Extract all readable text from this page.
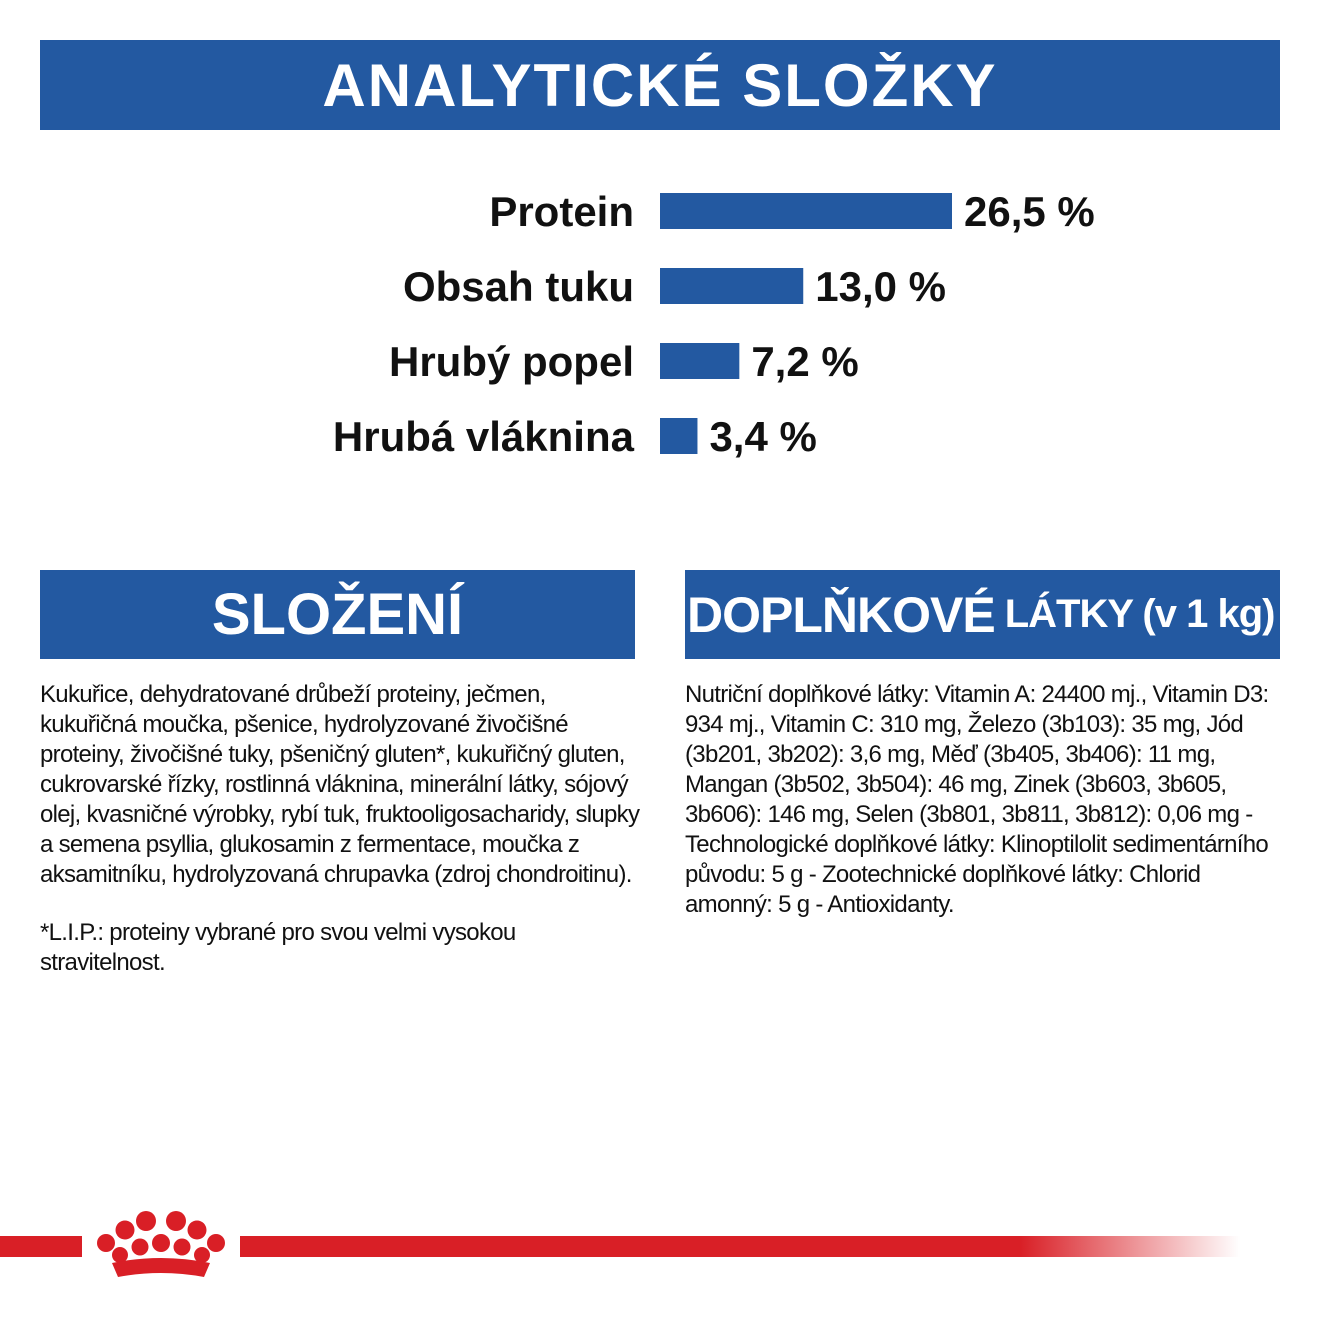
ANALYTICKÉ SLOŽKY
Protein	26,5 %
Obsah tuku	13,0 %
Hrubý popel	7,2 %
Hrubá vláknina 3,4 %
SLOŽENÍ	DOPLŇKOVÉ LÁTKY (v 1 kg)

Kukuřice, dehydratované drůbeží proteiny, ječmen, kukuřičná moučka, pšenice, hydrolyzované živočišné proteiny, živočišné tuky, pšeničný gluten*, kukuřičný gluten, cukrovarské řízky, rostlinná vláknina, minerální látky, sójový olej, kvasničné výrobky, rybí tuk, fruktooligosacharidy, slupky a semena psyllia, glukosamin z fermentace, moučka z aksamitníku, hydrolyzovaná chrupavka (zdroj chondroitinu).

*L.I.P.: proteiny vybrané pro svou velmi vysokou stravitelnost.

Nutriční doplňkové látky: Vitamin A: 24400 mj., Vitamin D3: 934 mj., Vitamin C: 310 mg, Železo (3b103): 35 mg, Jód (3b201, 3b202): 3,6 mg, Měď (3b405, 3b406): 11 mg, Mangan (3b502, 3b504): 46 mg, Zinek (3b603, 3b605, 3b606): 146 mg, Selen (3b801, 3b811, 3b812): 0,06 mg - Technologické doplňkové látky: Klinoptilolit sedimentárního původu: 5 g - Zootechnické doplňkové látky: Chlorid amonný: 5 g - Antioxidanty.
